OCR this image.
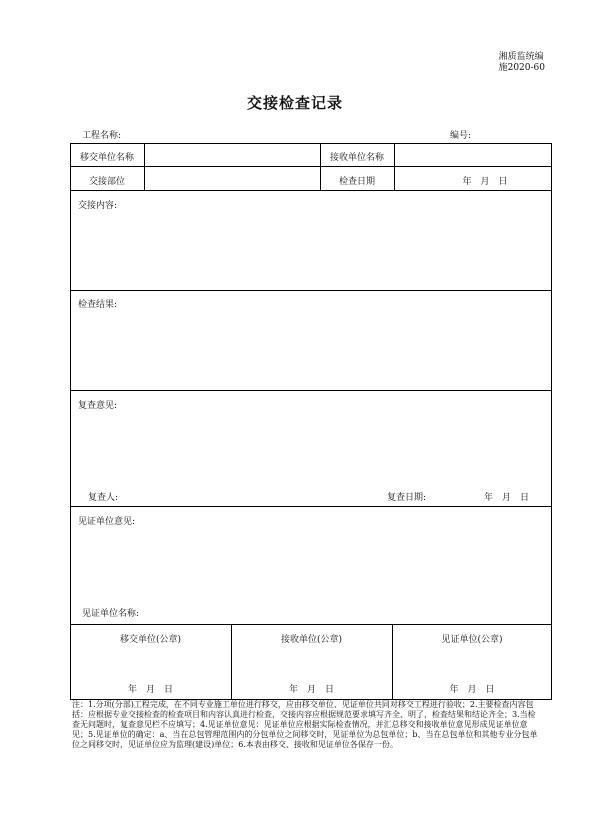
湘质监统编
施2020-60
交接检查记录
工程名称:	编号:
移交单位名称	接收单位名称
交接部位	检查日期	年　月　日
交接内容:
检查结果:
复查意见:
复查人:	复查日期:	年　月　日
见证单位意见:
见证单位名称:
移交单位(公章)	接收单位(公章)	见证单位(公章)
年　月　日	年　月　日	年　月　日
注：1.分项(分部)工程完成，在不同专业施工单位进行移交，应由移交单位、见证单位共同对移交工程进行验收；2.主要检查内容包括：应根据专业交接检查的检查项目和内容认真进行检查，交接内容应根据规范要求填写齐全、明了，检查结果和结论齐全；3.当检查无问题时，复查意见栏不应填写；4.见证单位意见：见证单位应根据实际检查情况，并汇总移交和接收单位意见形成见证单位意见；5.见证单位的确定：a、当在总包管理范围内的分包单位之间移交时，见证单位为总包单位；b、当在总包单位和其他专业分包单位之间移交时，见证单位应为监理(建设)单位；6.本表由移交、接收和见证单位各保存一份。
